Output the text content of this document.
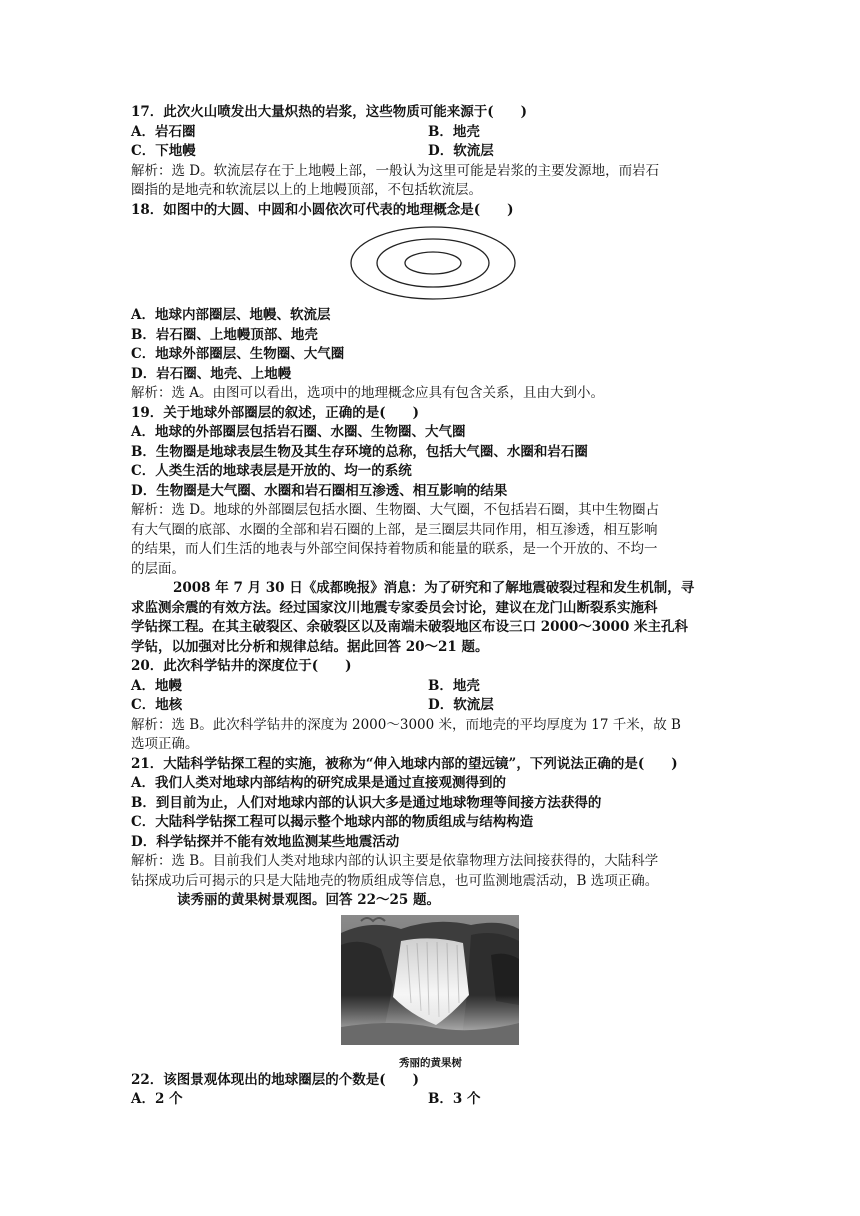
17．此次火山喷发出大量炽热的岩浆，这些物质可能来源于(　　)
A．岩石圈	B．地壳
C．下地幔	D．软流层
解析：选 D。软流层存在于上地幔上部，一般认为这里可能是岩浆的主要发源地，而岩石
圈指的是地壳和软流层以上的上地幔顶部，不包括软流层。
18．如图中的大圆、中圆和小圆依次可代表的地理概念是(　　)
A．地球内部圈层、地幔、软流层
B．岩石圈、上地幔顶部、地壳
C．地球外部圈层、生物圈、大气圈
D．岩石圈、地壳、上地幔
解析：选 A。由图可以看出，选项中的地理概念应具有包含关系，且由大到小。
19．关于地球外部圈层的叙述，正确的是(　　)
A．地球的外部圈层包括岩石圈、水圈、生物圈、大气圈
B．生物圈是地球表层生物及其生存环境的总称，包括大气圈、水圈和岩石圈
C．人类生活的地球表层是开放的、均一的系统
D．生物圈是大气圈、水圈和岩石圈相互渗透、相互影响的结果
解析：选 D。地球的外部圈层包括水圈、生物圈、大气圈，不包括岩石圈，其中生物圈占
有大气圈的底部、水圈的全部和岩石圈的上部，是三圈层共同作用，相互渗透，相互影响
的结果，而人们生活的地表与外部空间保持着物质和能量的联系，是一个开放的、不均一
的层面。
2008 年 7 月 30 日《成都晚报》消息：为了研究和了解地震破裂过程和发生机制，寻
求监测余震的有效方法。经过国家汶川地震专家委员会讨论，建议在龙门山断裂系实施科
学钻探工程。在其主破裂区、余破裂区以及南端未破裂地区布设三口 2000～3000 米主孔科
学钻，以加强对比分析和规律总结。据此回答 20～21 题。
20．此次科学钻井的深度位于(　　)
A．地幔	B．地壳
C．地核	D．软流层
解析：选 B。此次科学钻井的深度为 2000～3000 米，而地壳的平均厚度为 17 千米，故 B
选项正确。
21．大陆科学钻探工程的实施，被称为“伸入地球内部的望远镜”，下列说法正确的是(　　)
A．我们人类对地球内部结构的研究成果是通过直接观测得到的
B．到目前为止，人们对地球内部的认识大多是通过地球物理等间接方法获得的
C．大陆科学钻探工程可以揭示整个地球内部的物质组成与结构构造
D．科学钻探并不能有效地监测某些地震活动
解析：选 B。目前我们人类对地球内部的认识主要是依靠物理方法间接获得的，大陆科学
钻探成功后可揭示的只是大陆地壳的物质组成等信息，也可监测地震活动，B 选项正确。
读秀丽的黄果树景观图。回答 22～25 题。
秀丽的黄果树
22．该图景观体现出的地球圈层的个数是(　　)
A．2 个	B．3 个
